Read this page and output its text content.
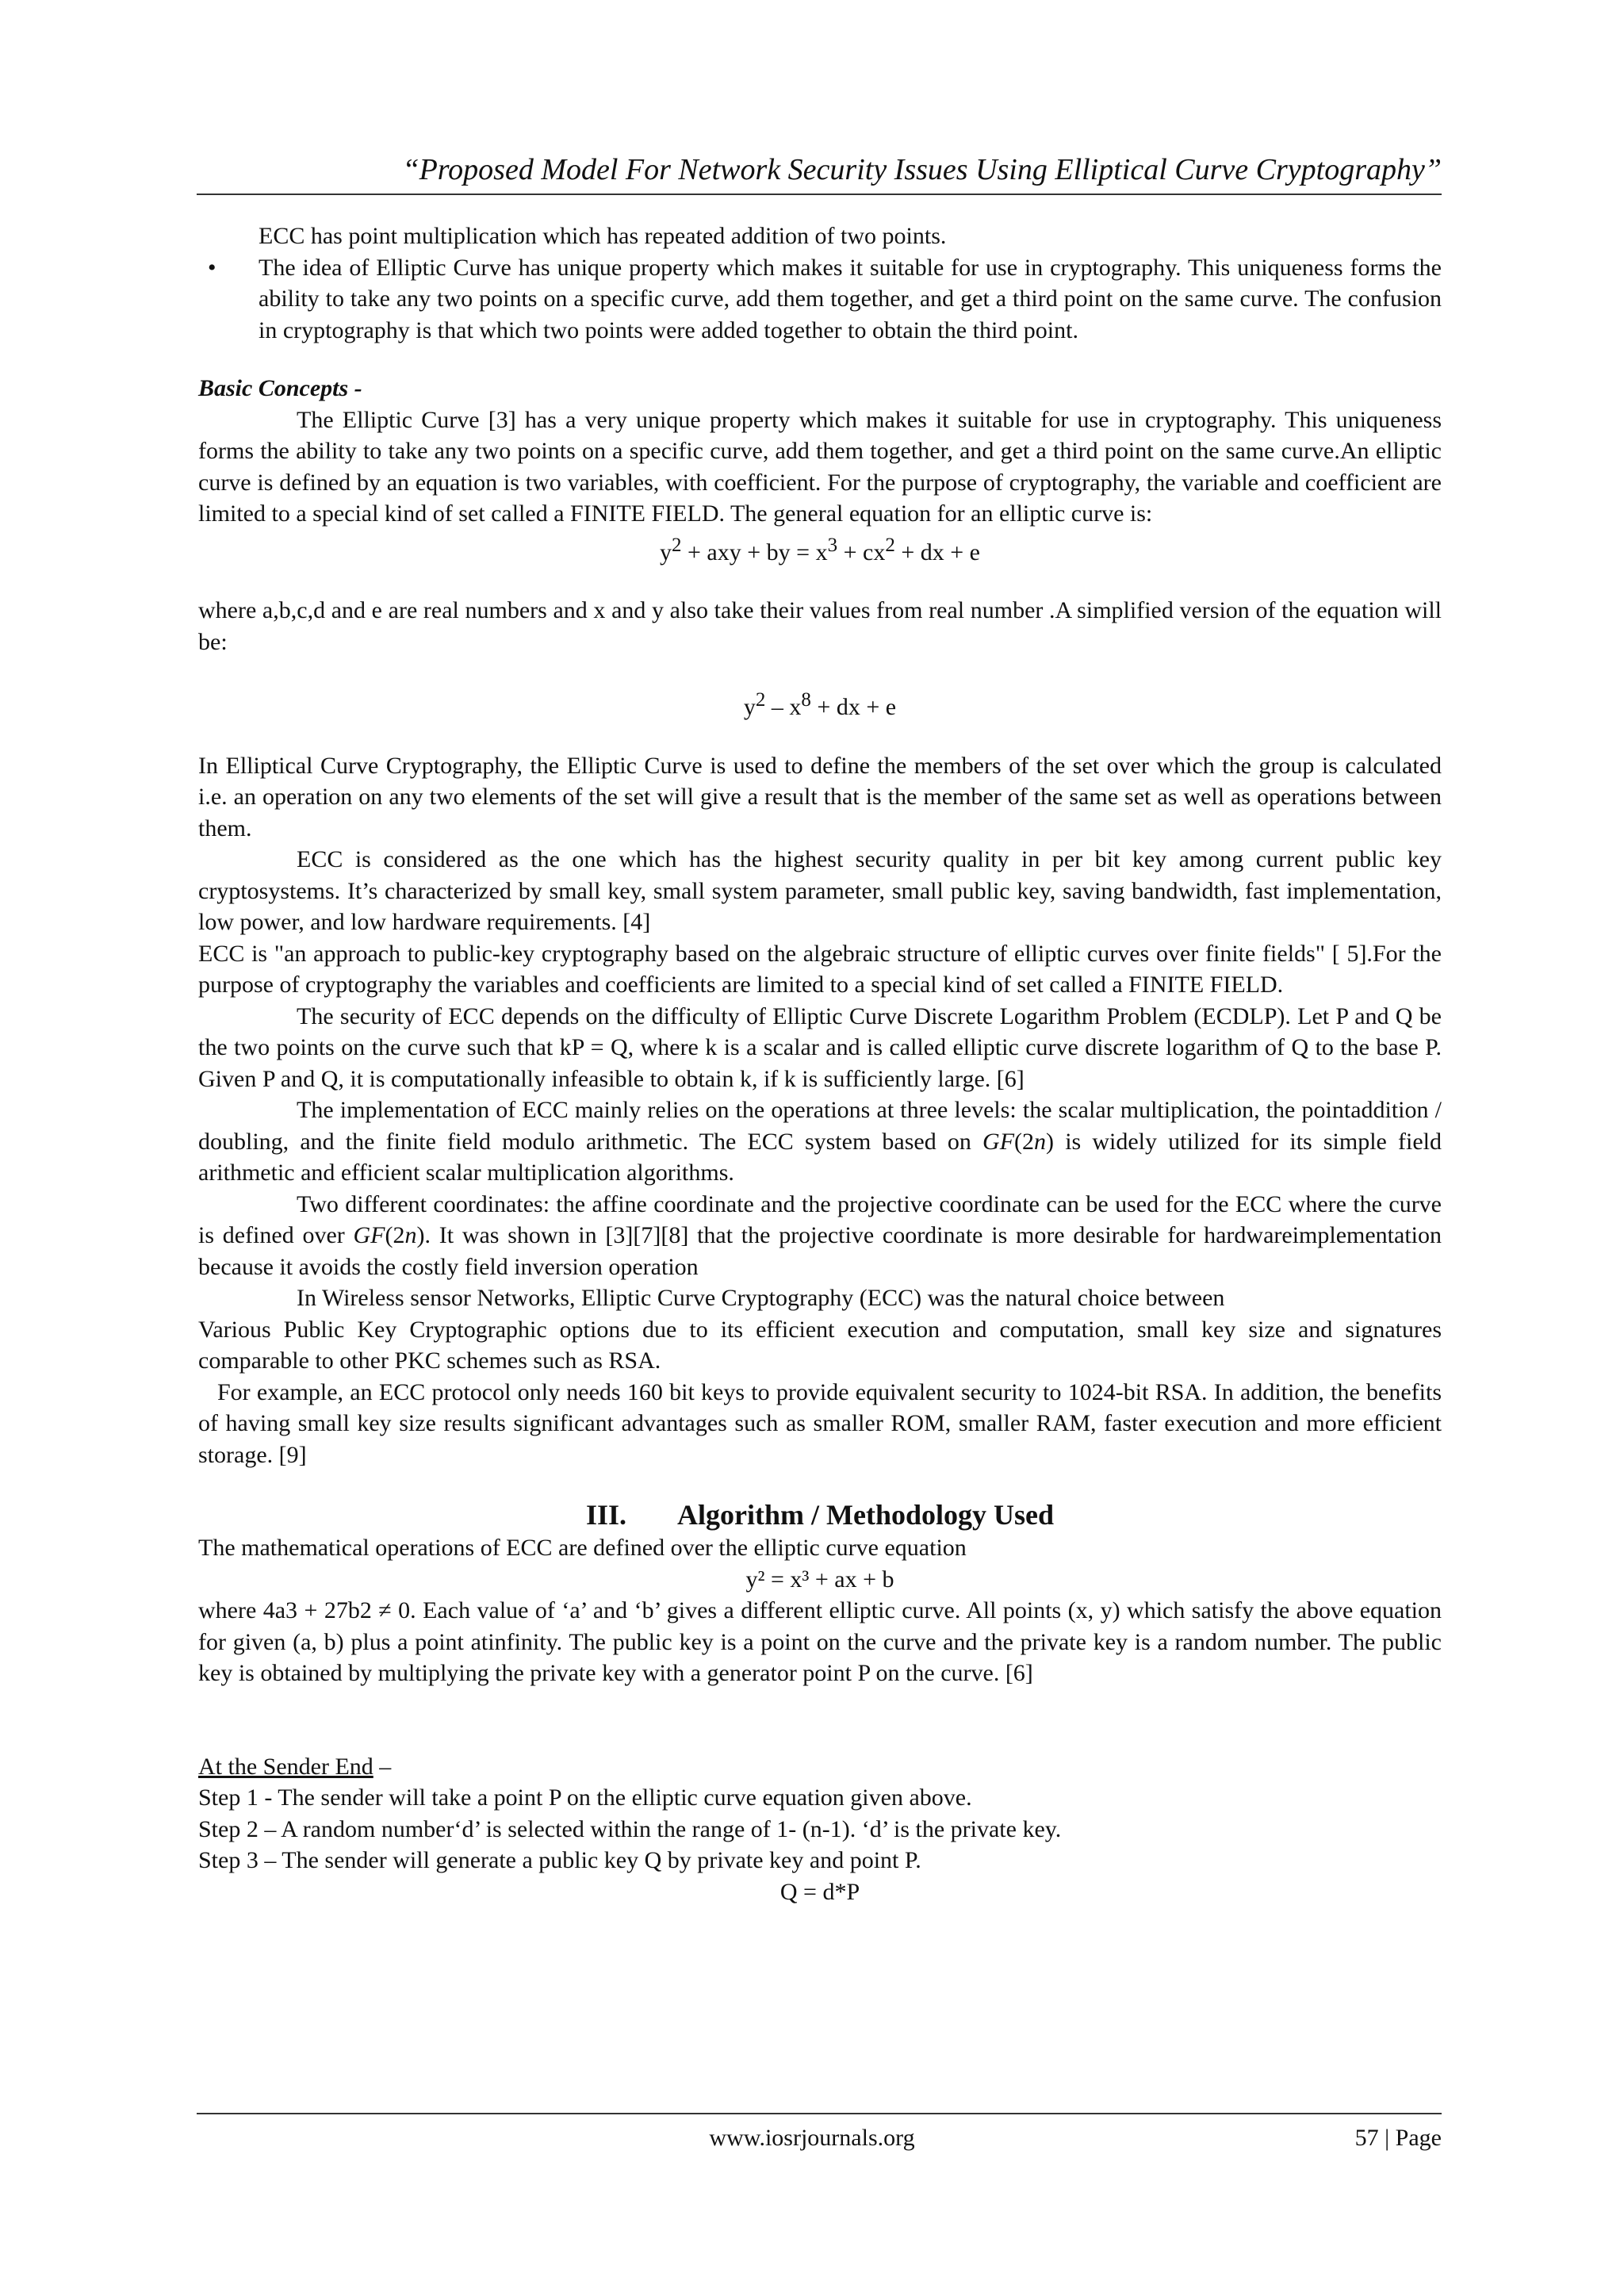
“Proposed Model For Network Security Issues Using Elliptical Curve Cryptography”

ECC has point multiplication which has repeated addition of two points.

• The idea of Elliptic Curve has unique property which makes it suitable for use in cryptography. This uniqueness forms the ability to take any two points on a specific curve, add them together, and get a third point on the same curve. The confusion in cryptography is that which two points were added together to obtain the third point.

Basic Concepts -

The Elliptic Curve [3] has a very unique property which makes it suitable for use in cryptography. This uniqueness forms the ability to take any two points on a specific curve, add them together, and get a third point on the same curve.An elliptic curve is defined by an equation is two variables, with coefficient. For the purpose of cryptography, the variable and coefficient are limited to a special kind of set called a FINITE FIELD. The general equation for an elliptic curve is:

$y^2$ + axy + by = $x^3 + cx^2$ + dx + e

where a,b,c,d and e are real numbers and x and y also take their values from real number .A simplified version of the equation will be:

$y^2 - x^8$ + dx + e

In Elliptical Curve Cryptography, the Elliptic Curve is used to define the members of the set over which the group is calculated i.e. an operation on any two elements of the set will give a result that is the member of the same set as well as operations between them.

ECC is considered as the one which has the highest security quality in per bit key among current public key cryptosystems. It’s characterized by small key, small system parameter, small public key, saving bandwidth, fast implementation, low power, and low hardware requirements. [4]

ECC is "an approach to public-key cryptography based on the algebraic structure of elliptic curves over finite fields" [ 5].For the purpose of cryptography the variables and coefficients are limited to a special kind of set called a FINITE FIELD.

The security of ECC depends on the difficulty of Elliptic Curve Discrete Logarithm Problem (ECDLP). Let P and Q be the two points on the curve such that kP = Q, where k is a scalar and is called elliptic curve discrete logarithm of Q to the base P. Given P and Q, it is computationally infeasible to obtain k, if k is sufficiently large. [6]

The implementation of ECC mainly relies on the operations at three levels: the scalar multiplication, the pointaddition / doubling, and the finite field modulo arithmetic. The ECC system based on GF(2n) is widely utilized for its simple field arithmetic and efficient scalar multiplication algorithms.

Two different coordinates: the affine coordinate and the projective coordinate can be used for the ECC where the curve is defined over GF(2n). It was shown in [3][7][8] that the projective coordinate is more desirable for hardwareimplementation because it avoids the costly field inversion operation

In Wireless sensor Networks, Elliptic Curve Cryptography (ECC) was the natural choice between

Various Public Key Cryptographic options due to its efficient execution and computation, small key size and signatures comparable to other PKC schemes such as RSA.

For example, an ECC protocol only needs 160 bit keys to provide equivalent security to 1024-bit RSA. In addition, the benefits of having small key size results significant advantages such as smaller ROM, smaller RAM, faster execution and more efficient storage. [9]

III. Algorithm / Methodology Used

The mathematical operations of ECC are defined over the elliptic curve equation

y² = x³ + ax + b

where 4a3 + 27b2 ≠ 0. Each value of ‘a’ and ‘b’ gives a different elliptic curve. All points (x, y) which satisfy the above equation for given (a, b) plus a point atinfinity. The public key is a point on the curve and the private key is a random number. The public key is obtained by multiplying the private key with a generator point P on the curve. [6]

At the Sender End –

Step 1 - The sender will take a point P on the elliptic curve equation given above.

Step 2 – A random number‘d’ is selected within the range of 1- (n-1). ‘d’ is the private key.

Step 3 – The sender will generate a public key Q by private key and point P.

Q = d*P

www.iosrjournals.org	57 | Page
